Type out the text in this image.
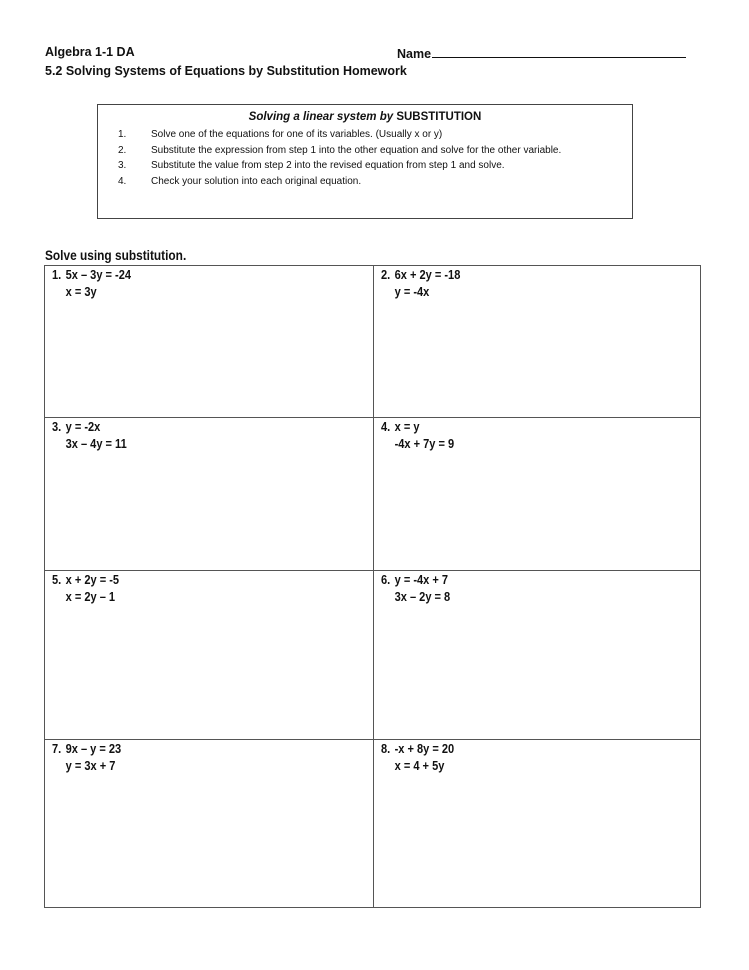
Algebra 1-1 DA	Name
5.2 Solving Systems of Equations by Substitution Homework
Solving a linear system by SUBSTITUTION
1. Solve one of the equations for one of its variables. (Usually x or y)
2. Substitute the expression from step 1 into the other equation and solve for the other variable.
3. Substitute the value from step 2 into the revised equation from step 1 and solve.
4. Check your solution into each original equation.
Solve using substitution.
1. 5x – 3y = -24
x = 3y
2. 6x + 2y = -18
y = -4x
3. y = -2x
3x – 4y = 11
4. x = y
-4x + 7y = 9
5. x + 2y = -5
x = 2y – 1
6. y = -4x + 7
3x – 2y = 8
7. 9x – y = 23
y = 3x + 7
8. -x + 8y = 20
x = 4 + 5y
